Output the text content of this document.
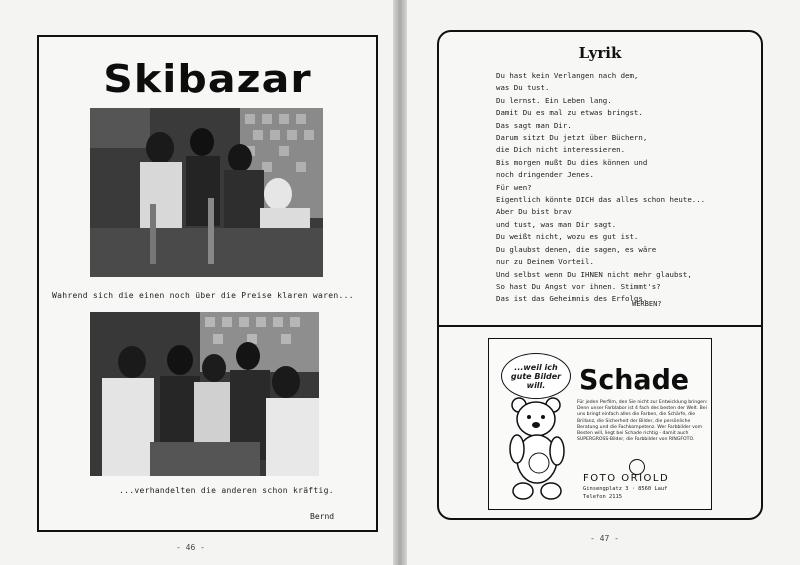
Skibazar
Wahrend sich die einen noch über die Preise klaren waren...
...verhandelten die anderen schon kräftig.
Bernd
- 46 -
Lyrik
Du hast kein Verlangen nach dem,
was Du tust.
Du lernst. Ein Leben lang.
Damit Du es mal zu etwas bringst.
Das sagt man Dir.
Darum sitzt Du jetzt über Büchern,
die Dich nicht interessieren.
Bis morgen mußt Du dies können und
noch dringender Jenes.
Für wen?
Eigentlich könnte DICH das alles schon heute...
Aber Du bist brav
und tust, was man Dir sagt.
Du weißt nicht, wozu es gut ist.
Du glaubst denen, die sagen, es wäre
nur zu Deinem Vorteil.
Und selbst wenn Du IHNEN nicht mehr glaubst,
So hast Du Angst vor ihnen. Stimmt's?
Das ist das Geheimnis des Erfolgs.
WERBEN?
...weil ich
gute Bilder
will.	Schade
Für jeden Perfilm, den Sie nicht zur Entwicklung bringen: Denn unser Farblabor ist 4 fach des besten der Welt. Bei uns bringt einfach alles die Farben, die Schärfe, die Brillanz, die Sicherheit der Bilder, die persönliche Beratung und die Fachkompetenz. Wer Farbbilder vom Besten will, liegt bei Schade richtig - damit auch SUPERGROSS-Bilder, die Farbbilder von RINGFOTO.
FOTO ORIOLD
Ginsengplatz 3 · 8560 Lauf
Telefon 2115
- 47 -
